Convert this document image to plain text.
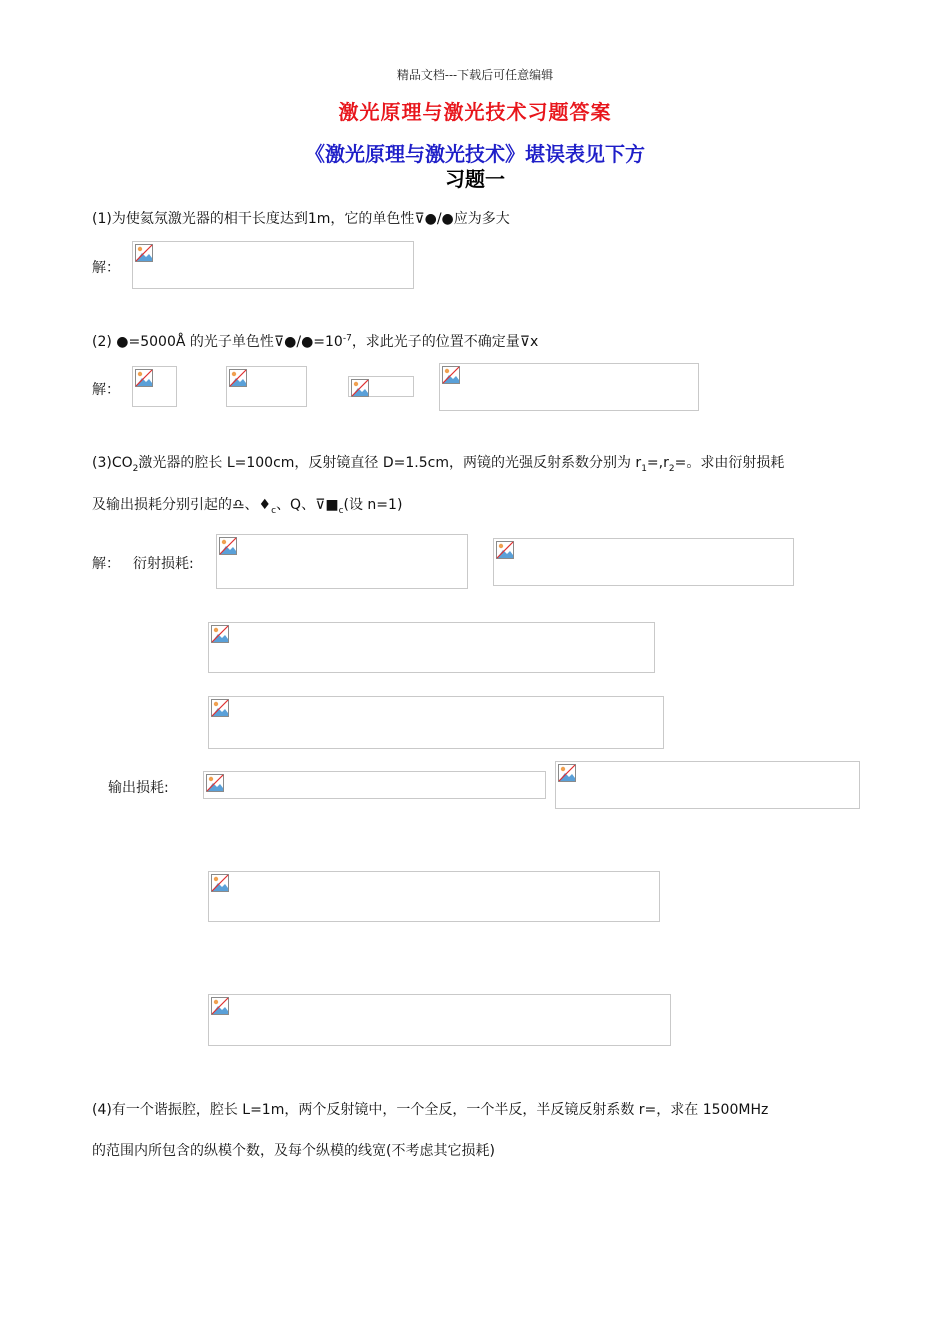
精品文档---下载后可任意编辑
激光原理与激光技术习题答案
《激光原理与激光技术》堪误表见下方
习题一
(1)为使氦氖激光器的相干长度达到1m，它的单色性⊽●/●应为多大
解：
(2) ●=5000Å 的光子单色性$⊽●/●=10^{-7}$，求此光子的位置不确定量⊽x
解：
$(3)CO_2$激光器的腔长 L=100cm，反射镜直径 D=1.5cm，两镜的光强反射系数分别为 $r_1=,r_2=$。求由衍射损耗
及输出损耗分别引起的♎、$♦_c$、Q、$⊽■_c$(设 n=1)
解： 衍射损耗:
输出损耗:
(4)有一个谐振腔，腔长 L=1m，两个反射镜中，一个全反，一个半反，半反镜反射系数 r=，求在 1500MHz
的范围内所包含的纵模个数，及每个纵模的线宽(不考虑其它损耗)
